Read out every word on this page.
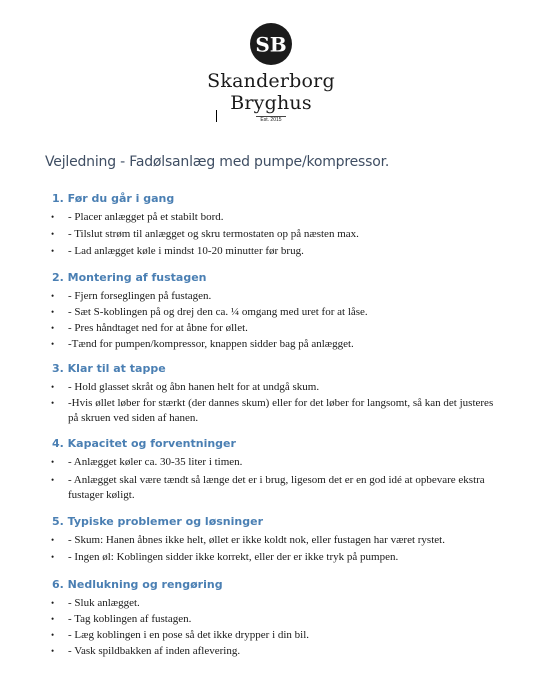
SB
Skanderborg
Bryghus
Est. 2015
Vejledning - Fadølsanlæg med pumpe/kompressor.
1. Før du går i gang
• - Placer anlægget på et stabilt bord.
• - Tilslut strøm til anlægget og skru termostaten op på næsten max.
• - Lad anlægget køle i mindst 10-20 minutter før brug.
2. Montering af fustagen
• - Fjern forseglingen på fustagen.
• - Sæt S-koblingen på og drej den ca. ¼ omgang med uret for at låse.
• - Pres håndtaget ned for at åbne for øllet.
• -Tænd for pumpen/kompressor, knappen sidder bag på anlægget.
3. Klar til at tappe
• - Hold glasset skråt og åbn hanen helt for at undgå skum.
• -Hvis øllet løber for stærkt (der dannes skum) eller for det løber for langsomt, så kan det justeres på skruen ved siden af hanen.
4. Kapacitet og forventninger
• - Anlægget køler ca. 30-35 liter i timen.
• - Anlægget skal være tændt så længe det er i brug, ligesom det er en god idé at opbevare ekstra fustager køligt.
5. Typiske problemer og løsninger
• - Skum: Hanen åbnes ikke helt, øllet er ikke koldt nok, eller fustagen har været rystet.
• - Ingen øl: Koblingen sidder ikke korrekt, eller der er ikke tryk på pumpen.
6. Nedlukning og rengøring
• - Sluk anlægget.
• - Tag koblingen af fustagen.
• - Læg koblingen i en pose så det ikke drypper i din bil.
• - Vask spildbakken af inden aflevering.
